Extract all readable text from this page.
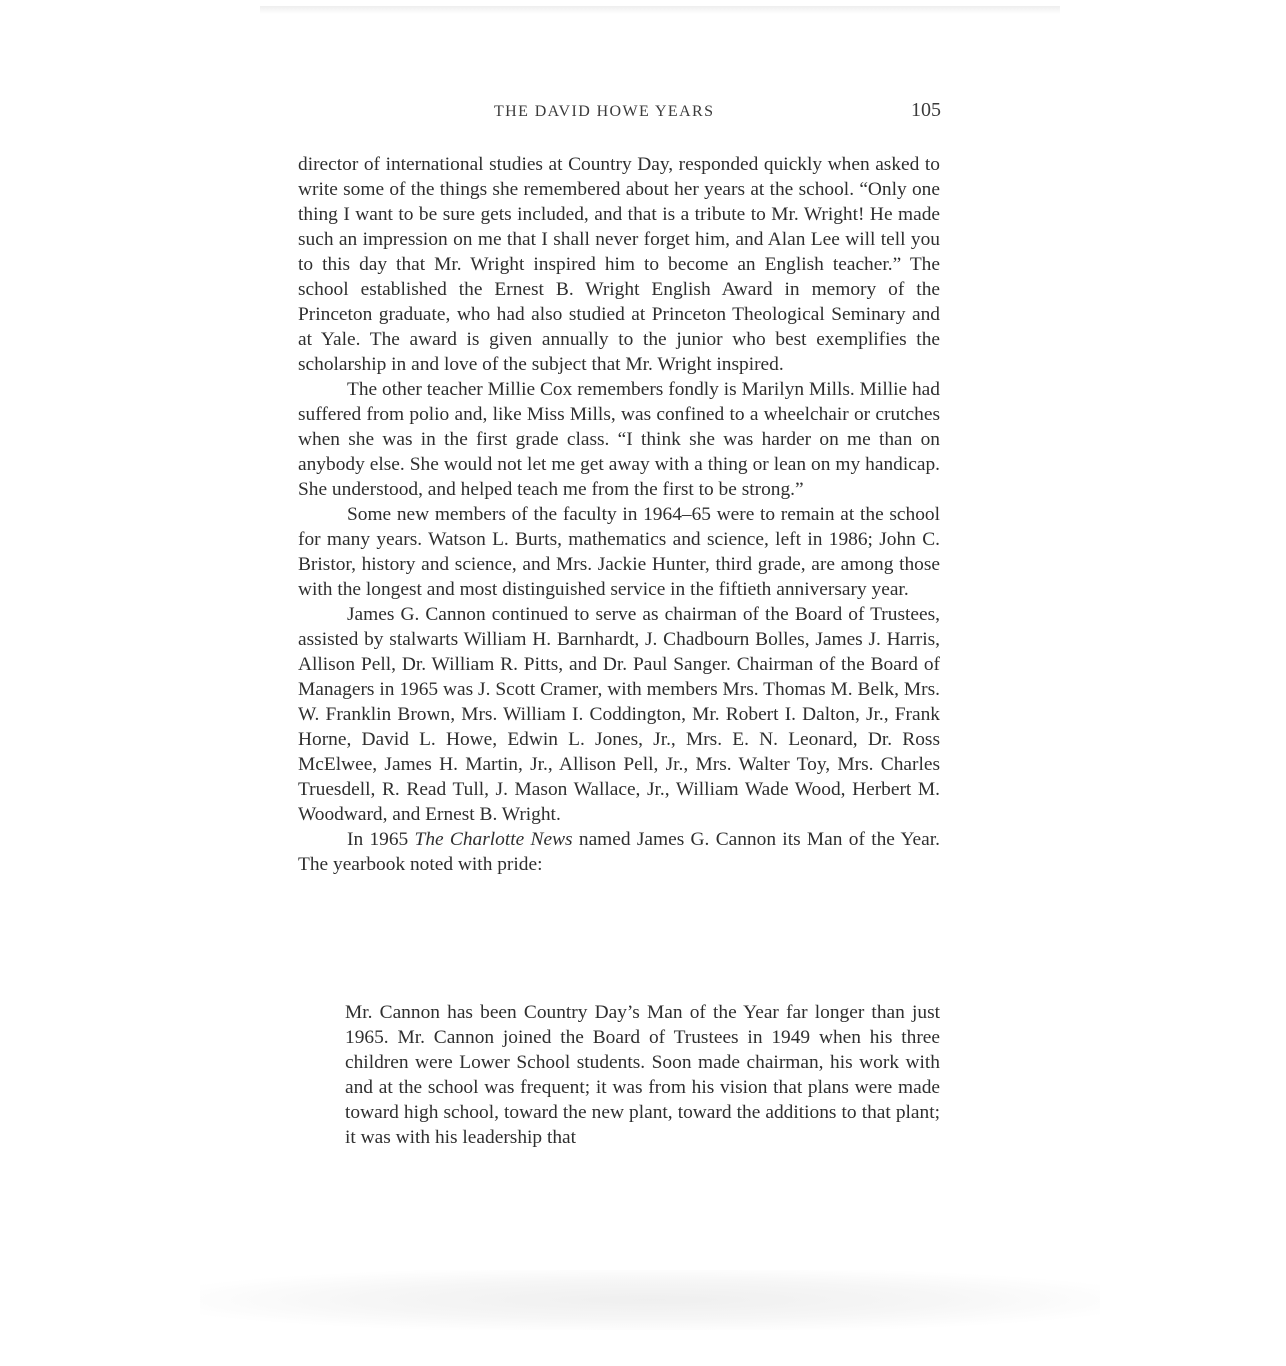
THE DAVID HOWE YEARS	105

director of international studies at Country Day, responded quickly when asked to write some of the things she remembered about her years at the school. “Only one thing I want to be sure gets included, and that is a tribute to Mr. Wright! He made such an impression on me that I shall never forget him, and Alan Lee will tell you to this day that Mr. Wright inspired him to become an English teacher.” The school established the Ernest B. Wright English Award in memory of the Princeton graduate, who had also studied at Princeton Theological Seminary and at Yale. The award is given annually to the junior who best exemplifies the scholarship in and love of the subject that Mr. Wright inspired.

The other teacher Millie Cox remembers fondly is Marilyn Mills. Millie had suffered from polio and, like Miss Mills, was confined to a wheelchair or crutches when she was in the first grade class. “I think she was harder on me than on anybody else. She would not let me get away with a thing or lean on my handicap. She understood, and helped teach me from the first to be strong.”

Some new members of the faculty in 1964–65 were to remain at the school for many years. Watson L. Burts, mathematics and science, left in 1986; John C. Bristor, history and science, and Mrs. Jackie Hunter, third grade, are among those with the longest and most distinguished service in the fiftieth anniversary year.

James G. Cannon continued to serve as chairman of the Board of Trustees, assisted by stalwarts William H. Barnhardt, J. Chadbourn Bolles, James J. Harris, Allison Pell, Dr. William R. Pitts, and Dr. Paul Sanger. Chairman of the Board of Managers in 1965 was J. Scott Cramer, with members Mrs. Thomas M. Belk, Mrs. W. Franklin Brown, Mrs. William I. Coddington, Mr. Robert I. Dalton, Jr., Frank Horne, David L. Howe, Edwin L. Jones, Jr., Mrs. E. N. Leonard, Dr. Ross McElwee, James H. Martin, Jr., Allison Pell, Jr., Mrs. Walter Toy, Mrs. Charles Truesdell, R. Read Tull, J. Mason Wallace, Jr., William Wade Wood, Herbert M. Woodward, and Ernest B. Wright.

In 1965 The Charlotte News named James G. Cannon its Man of the Year. The yearbook noted with pride:

Mr. Cannon has been Country Day’s Man of the Year far longer than just 1965. Mr. Cannon joined the Board of Trustees in 1949 when his three children were Lower School students. Soon made chairman, his work with and at the school was frequent; it was from his vision that plans were made toward high school, toward the new plant, toward the additions to that plant; it was with his leadership that
